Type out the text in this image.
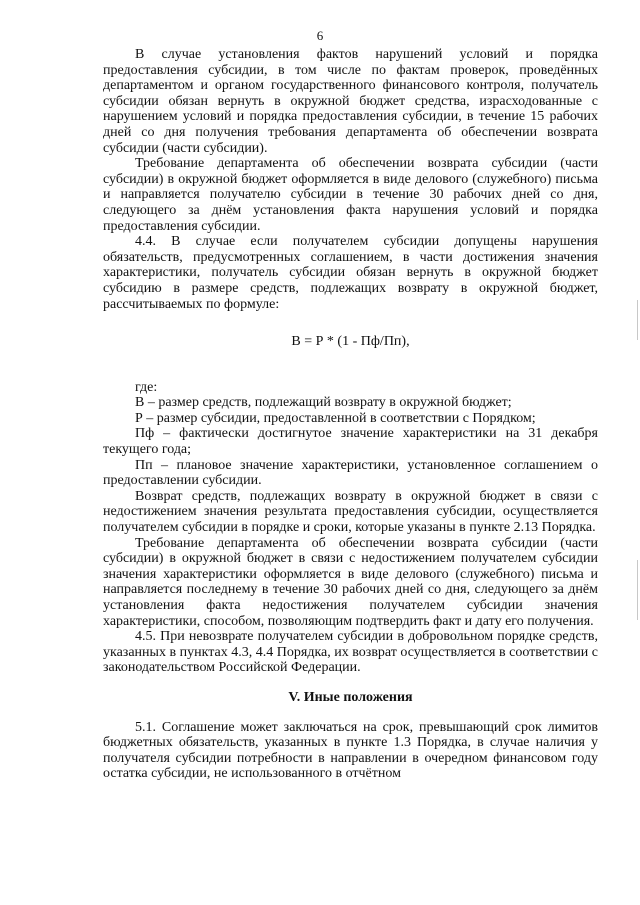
6

В случае установления фактов нарушений условий и порядка предоставления субсидии, в том числе по фактам проверок, проведённых департаментом и органом государственного финансового контроля, получатель субсидии обязан вернуть в окружной бюджет средства, израсходованные с нарушением условий и порядка предоставления субсидии, в течение 15 рабочих дней со дня получения требования департамента об обеспечении возврата субсидии (части субсидии).

Требование департамента об обеспечении возврата субсидии (части субсидии) в окружной бюджет оформляется в виде делового (служебного) письма и направляется получателю субсидии в течение 30 рабочих дней со дня, следующего за днём установления факта нарушения условий и порядка предоставления субсидии.

4.4. В случае если получателем субсидии допущены нарушения обязательств, предусмотренных соглашением, в части достижения значения характеристики, получатель субсидии обязан вернуть в окружной бюджет субсидию в размере средств, подлежащих возврату в окружной бюджет, рассчитываемых по формуле:

В = Р * (1 - Пф/Пп),

где:

В – размер средств, подлежащий возврату в окружной бюджет;

Р – размер субсидии, предоставленной в соответствии с Порядком;

Пф – фактически достигнутое значение характеристики на 31 декабря текущего года;

Пп – плановое значение характеристики, установленное соглашением о предоставлении субсидии.

Возврат средств, подлежащих возврату в окружной бюджет в связи с недостижением значения результата предоставления субсидии, осуществляется получателем субсидии в порядке и сроки, которые указаны в пункте 2.13 Порядка.

Требование департамента об обеспечении возврата субсидии (части субсидии) в окружной бюджет в связи с недостижением получателем субсидии значения характеристики оформляется в виде делового (служебного) письма и направляется последнему в течение 30 рабочих дней со дня, следующего за днём установления факта недостижения получателем субсидии значения характеристики, способом, позволяющим подтвердить факт и дату его получения.

4.5. При невозврате получателем субсидии в добровольном порядке средств, указанных в пунктах 4.3, 4.4 Порядка, их возврат осуществляется в соответствии с законодательством Российской Федерации.

V. Иные положения

5.1. Соглашение может заключаться на срок, превышающий срок лимитов бюджетных обязательств, указанных в пункте 1.3 Порядка, в случае наличия у получателя субсидии потребности в направлении в очередном финансовом году остатка субсидии, не использованного в отчётном
